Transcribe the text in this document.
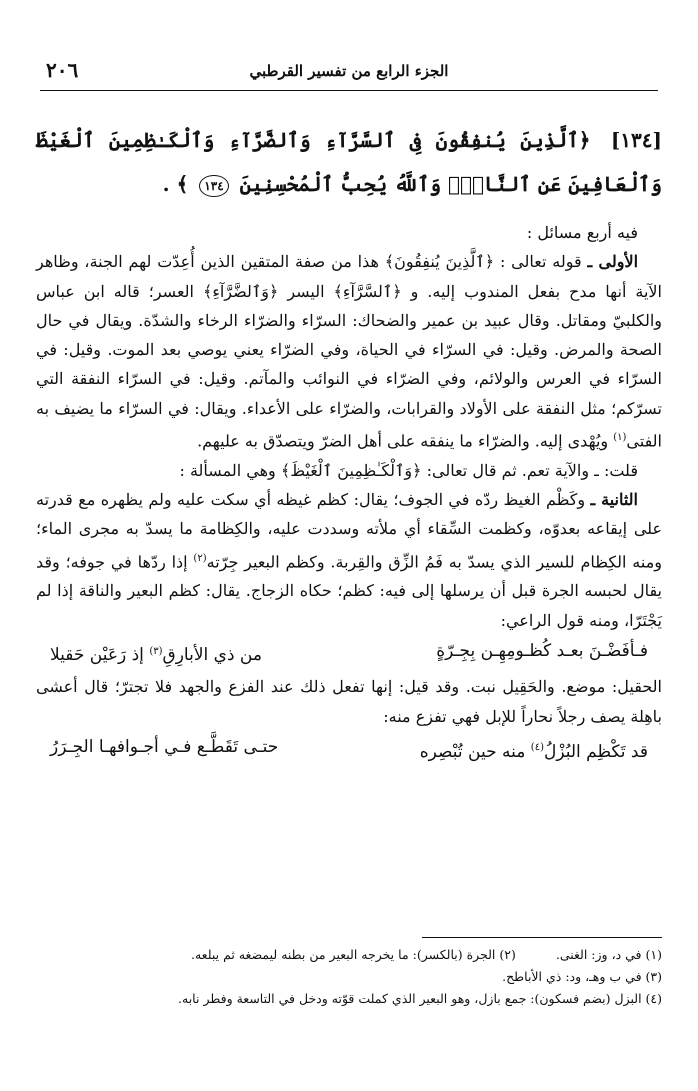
٢٠٦	الجزء الرابع من تفسير القرطبي
[١٣٤] ﴿ٱلَّذِينَ يُنفِقُونَ فِى ٱلسَّرَّآءِ وَٱلضَّرَّآءِ وَٱلْكَـٰظِمِينَ ٱلْغَيْظَ وَٱلْعَافِينَ عَنِ ٱلنَّاسِۗ وَٱللَّهُ يُحِبُّ ٱلْمُحْسِنِينَ ١٣٤ ﴾ .

فيه أربع مسائل :

الأولى ـ قوله تعالى : ﴿ٱلَّذِينَ يُنفِقُونَ﴾ هذا من صفة المتقين الذين أُعِدّت لهم الجنة، وظاهر الآية أنها مدح بفعل المندوب إليه. و ﴿ٱلسَّرَّآءِ﴾ اليسر ﴿وَٱلضَّرَّآءِ﴾ العسر؛ قاله ابن عباس والكلبيّ ومقاتل. وقال عبيد بن عمير والضحاك: السرّاء والضرّاء الرخاء والشدّة. ويقال في حال الصحة والمرض. وقيل: في السرّاء في الحياة، وفي الضرّاء يعني يوصي بعد الموت. وقيل: في السرّاء في العرس والولائم، وفي الضرّاء في النوائب والمآتم. وقيل: في السرّاء النفقة التي تسرّكم؛ مثل النفقة على الأولاد والقرابات، والضرّاء على الأعداء. ويقال: في السرّاء ما يضيف به الفتى$^{(١)}$ ويُهْدى إليه. والضرّاء ما ينفقه على أهل الضرّ ويتصدّق به عليهم.

قلت: ـ والآية تعم. ثم قال تعالى: ﴿وَٱلْكَـٰظِمِينَ ٱلْغَيْظَ﴾ وهي المسألة :

الثانية ـ وكَظْم الغيظ ردّه في الجوف؛ يقال: كظم غيظه أي سكت عليه ولم يظهره مع قدرته على إيقاعه بعدوّه، وكظمت السِّقاء أي ملأته وسددت عليه، والكِظامة ما يسدّ به مجرى الماء؛ ومنه الكِظام للسير الذي يسدّ به فَمُ الزِّق والقِربة. وكظم البعير جِرّته$^{(٢)}$ إذا ردّها في جوفه؛ وقد يقال لحبسه الجرة قبل أن يرسلها إلى فيه: كظم؛ حكاه الزجاج. يقال: كظم البعير والناقة إذا لم يَجْتَرّا، ومنه قول الراعي:

فـأفَضْـنَ بعـد كُظـومِهِـن بِجِـرّةٍ
من ذي الأبارِقِ$^{(٣)}$ إذ رَعَيْن حَقيلا

الحقيل: موضع. والحَقِيل نبت. وقد قيل: إنها تفعل ذلك عند الفزع والجهد فلا تجترّ؛ قال أعشى باهِلة يصف رجلاً نحاراً للإبل فهي تفزع منه:

قد تَكْظِم البُزْلُ$^{(٤)}$ منه حين تُبْصِره
حتـى تَقَطَّـع فـي أجـوافهـا الجِـرَرُ
(١) في د، وز: الغنى.
(٢) الجرة (بالكسر): ما يخرجه البعير من بطنه ليمضغه ثم يبلعه.
(٣) في ب وهـ، ود: ذي الأباطح.
(٤) البزل (بضم فسكون): جمع بازل، وهو البعير الذي كملت قوّته ودخل في التاسعة وفطر نابه.
